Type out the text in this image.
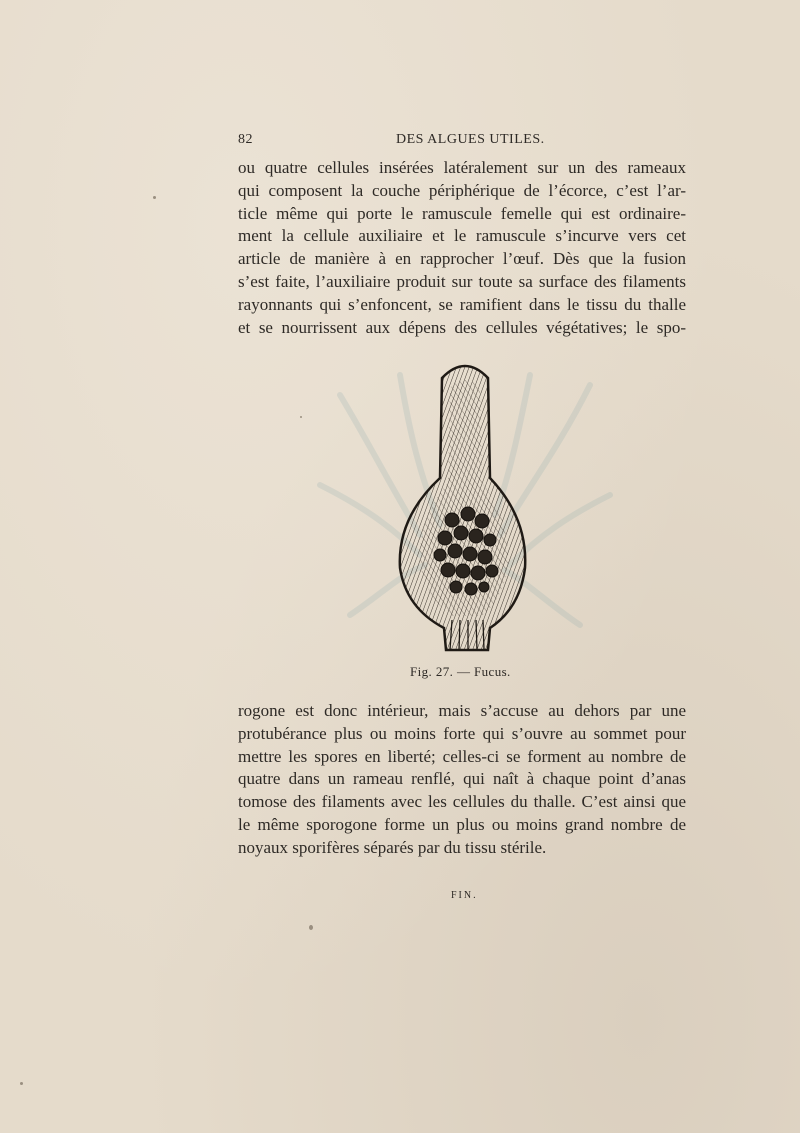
82	DES ALGUES UTILES.
ou quatre cellules insérées latéralement sur un des rameaux
qui composent la couche périphérique de l’écorce, c’est l’ar-
ticle même qui porte le ramuscule femelle qui est ordinaire-
ment la cellule auxiliaire et le ramuscule s’incurve vers cet
article de manière à en rapprocher l’œuf. Dès que la fusion
s’est faite, l’auxiliaire produit sur toute sa surface des filaments
rayonnants qui s’enfoncent, se ramifient dans le tissu du thalle
et se nourrissent aux dépens des cellules végétatives; le spo-
Fig. 27. — Fucus.
rogone est donc intérieur, mais s’accuse au dehors par une
protubérance plus ou moins forte qui s’ouvre au sommet pour
mettre les spores en liberté; celles-ci se forment au nombre de
quatre dans un rameau renflé, qui naît à chaque point d’anas
tomose des filaments avec les cellules du thalle. C’est ainsi que
le même sporogone forme un plus ou moins grand nombre de
noyaux sporifères séparés par du tissu stérile.
FIN.
